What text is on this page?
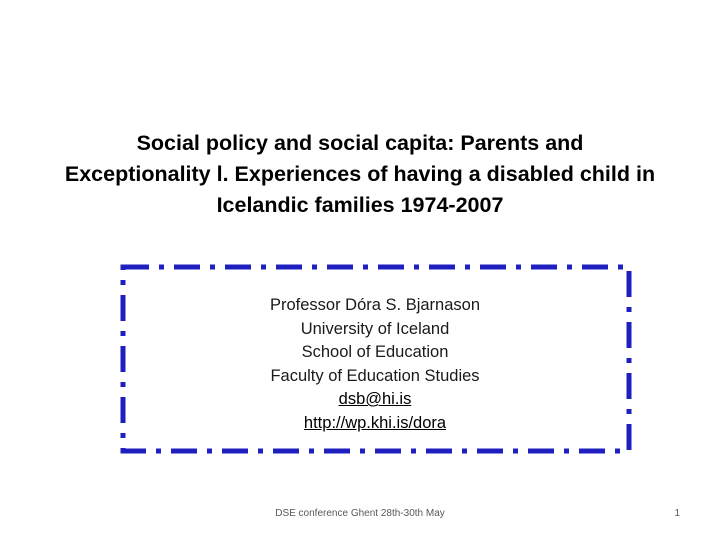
Social policy and social capita: Parents and
Exceptionality l. Experiences of having a disabled child in
Icelandic families 1974-2007
Professor Dóra S. Bjarnason
University of Iceland
School of Education
Faculty of Education Studies
dsb@hi.is
http://wp.khi.is/dora
DSE conference Ghent 28th-30th May	1
